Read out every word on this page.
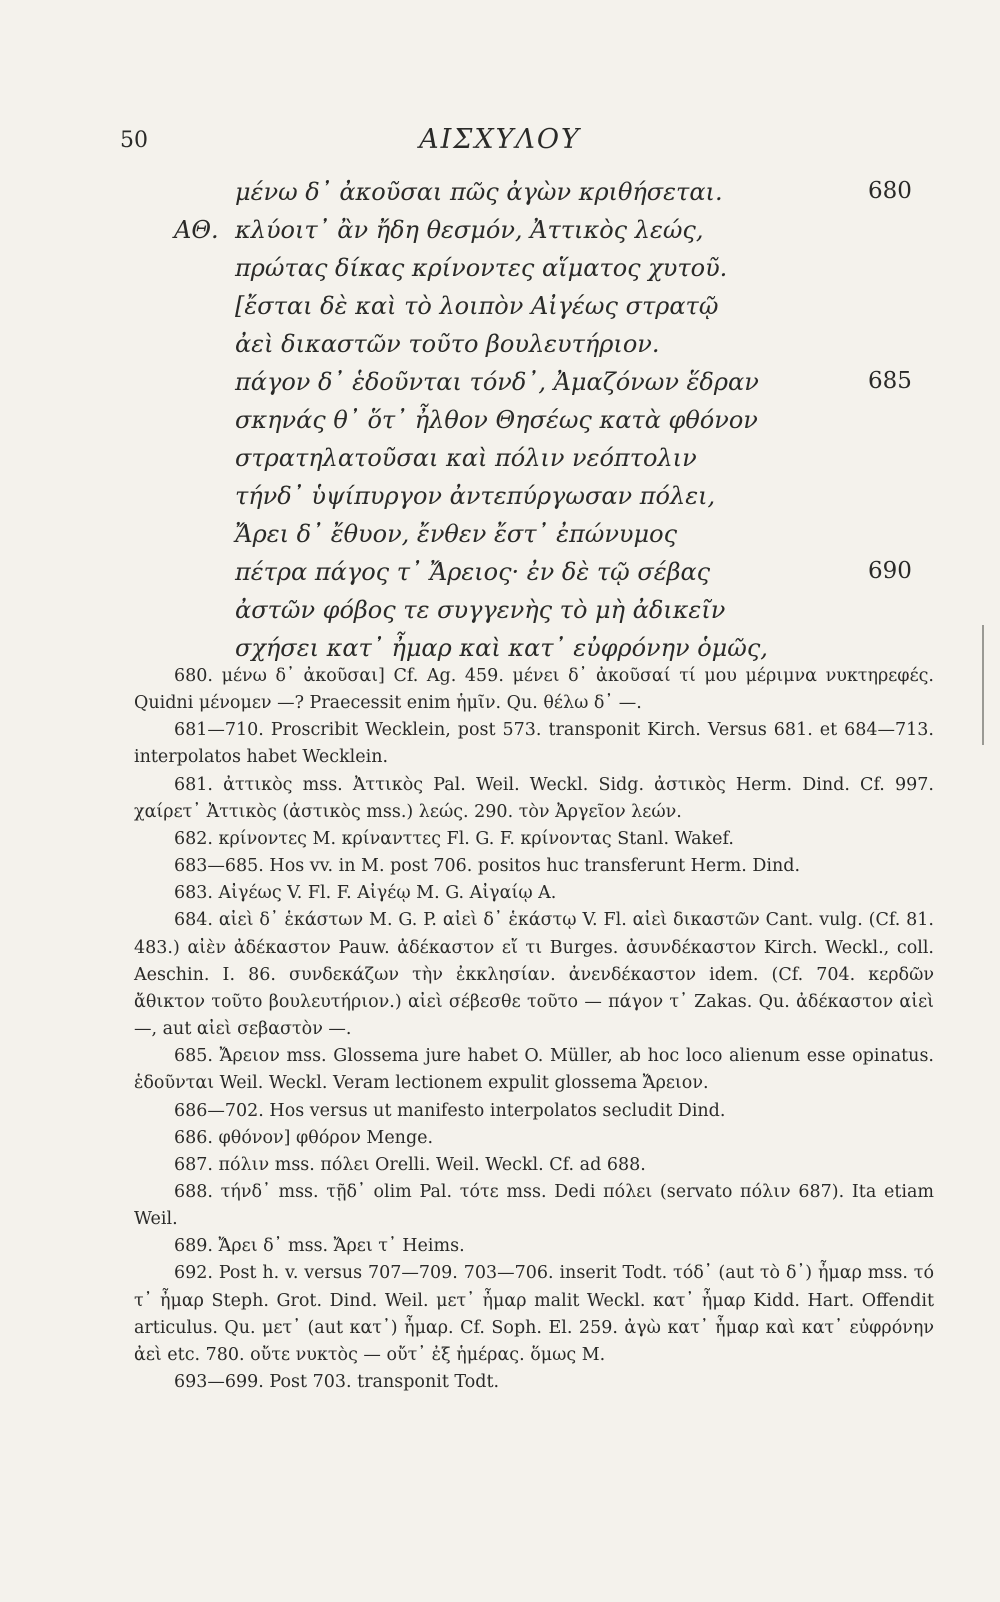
50	ΑΙΣΧΥΛΟΥ
μένω δ᾽ ἀκοῦσαι πῶς ἀγὼν κριθήσεται.	680
ΑΘ. κλύοιτ᾽ ἂν ἤδη θεσμόν, Ἀττικὸς λεώς,
πρώτας δίκας κρίνοντες αἵματος χυτοῦ.
[ἔσται δὲ καὶ τὸ λοιπὸν Αἰγέως στρατῷ
ἀεὶ δικαστῶν τοῦτο βουλευτήριον.
πάγον δ᾽ ἑδοῦνται τόνδ᾽, Ἀμαζόνων ἕδραν	685
σκηνάς θ᾽ ὅτ᾽ ἦλθον Θησέως κατὰ φθόνον
στρατηλατοῦσαι καὶ πόλιν νεόπτολιν
τήνδ᾽ ὑψίπυργον ἀντεπύργωσαν πόλει,
Ἄρει δ᾽ ἔθυον, ἔνθεν ἔστ᾽ ἐπώνυμος
πέτρα πάγος τ᾽ Ἄρειος· ἐν δὲ τῷ σέβας	690
ἀστῶν φόβος τε συγγενὴς τὸ μὴ ἀδικεῖν
σχήσει κατ᾽ ἦμαρ καὶ κατ᾽ εὐφρόνην ὁμῶς,
680. μένω δ᾽ ἀκοῦσαι] Cf. Ag. 459. μένει δ᾽ ἀκοῦσαί τί μου μέριμνα νυκτηρεφές. Quidni μένομεν —? Praecessit enim ἡμῖν. Qu. θέλω δ᾽ —.
681—710. Proscribit Wecklein, post 573. transponit Kirch. Versus 681. et 684—713. interpolatos habet Wecklein.
681. ἀττικὸς mss. Ἀττικὸς Pal. Weil. Weckl. Sidg. ἀστικὸς Herm. Dind. Cf. 997. χαίρετ᾽ Ἀττικὸς (ἀστικὸς mss.) λεώς. 290. τὸν Ἀργεῖον λεών.
682. κρίνοντες M. κρίνανττες Fl. G. F. κρίνοντας Stanl. Wakef.
683—685. Hos vv. in M. post 706. positos huc transferunt Herm. Dind.
683. Αἰγέως V. Fl. F. Αἰγέῳ M. G. Αἰγαίῳ A.
684. αἰεὶ δ᾽ ἑκάστων M. G. P. αἰεὶ δ᾽ ἑκάστῳ V. Fl. αἰεὶ δικαστῶν Cant. vulg. (Cf. 81. 483.) αἰὲν ἀδέκαστον Pauw. ἀδέκαστον εἴ τι Burges. ἀσυνδέκαστον Kirch. Weckl., coll. Aeschin. I. 86. συνδεκάζων τὴν ἐκκλησίαν. ἀνενδέκαστον idem. (Cf. 704. κερδῶν ἄθικτον τοῦτο βουλευτήριον.) αἰεὶ σέβεσθε τοῦτο — πάγον τ᾽ Zakas. Qu. ἀδέκαστον αἰεὶ —, aut αἰεὶ σεβαστὸν —.
685. Ἄρειον mss. Glossema jure habet O. Müller, ab hoc loco alienum esse opinatus. ἑδοῦνται Weil. Weckl. Veram lectionem expulit glossema Ἄρειον.
686—702. Hos versus ut manifesto interpolatos secludit Dind.
686. φθόνον] φθόρον Menge.
687. πόλιν mss. πόλει Orelli. Weil. Weckl. Cf. ad 688.
688. τήνδ᾽ mss. τῇδ᾽ olim Pal. τότε mss. Dedi πόλει (servato πόλιν 687). Ita etiam Weil.
689. Ἄρει δ᾽ mss. Ἄρει τ᾽ Heims.
692. Post h. v. versus 707—709. 703—706. inserit Todt. τόδ᾽ (aut τὸ δ᾽) ἦμαρ mss. τό τ᾽ ἦμαρ Steph. Grot. Dind. Weil. μετ᾽ ἦμαρ malit Weckl. κατ᾽ ἦμαρ Kidd. Hart. Offendit articulus. Qu. μετ᾽ (aut κατ᾽) ἦμαρ. Cf. Soph. El. 259. ἀγὼ κατ᾽ ἦμαρ καὶ κατ᾽ εὐφρόνην ἀεὶ etc. 780. οὔτε νυκτὸς — οὔτ᾽ ἐξ ἡμέρας. ὅμως M.
693—699. Post 703. transponit Todt.
